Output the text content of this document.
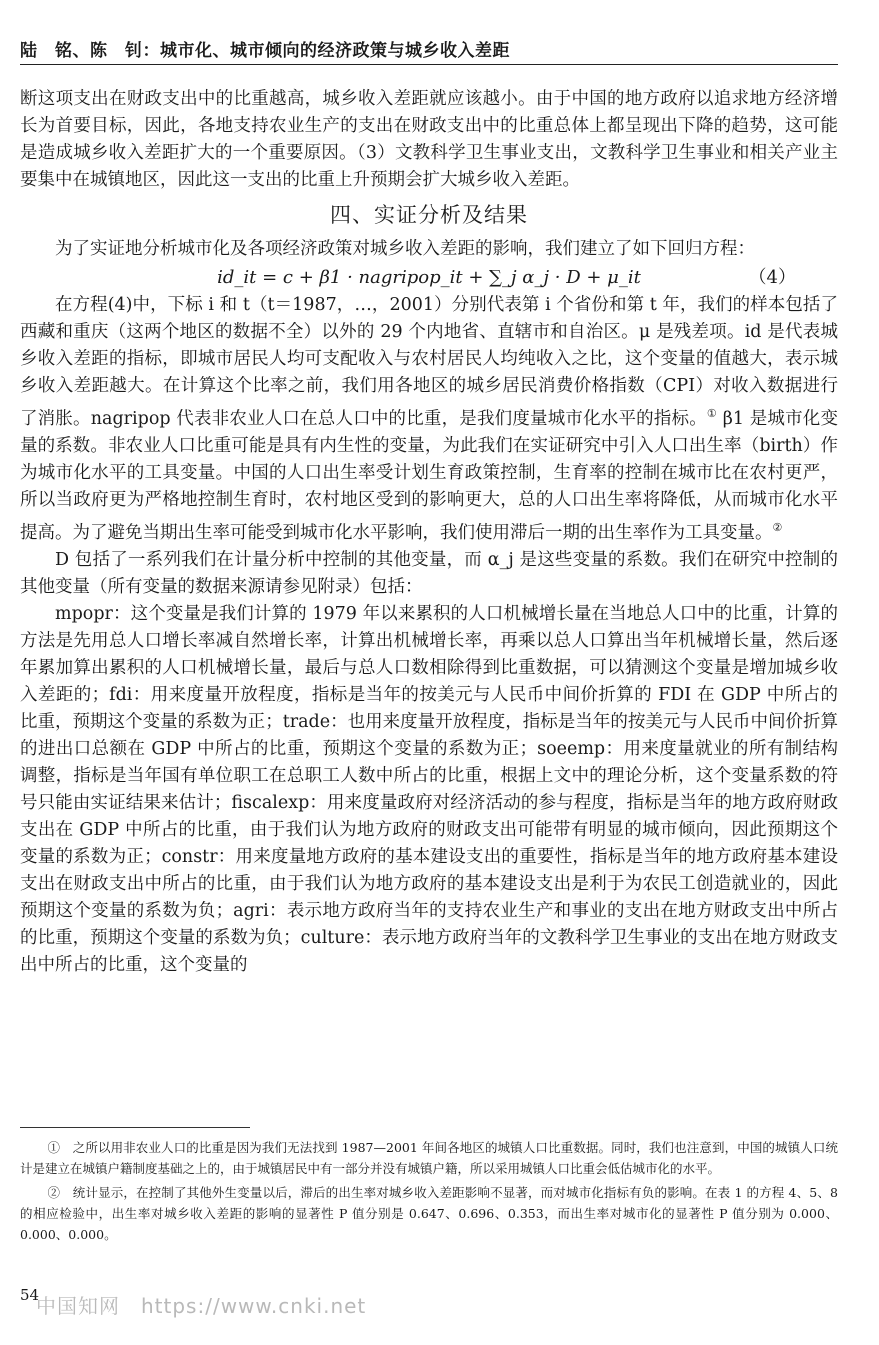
陆　铭、陈　钊：城市化、城市倾向的经济政策与城乡收入差距

断这项支出在财政支出中的比重越高，城乡收入差距就应该越小。由于中国的地方政府以追求地方经济增长为首要目标，因此，各地支持农业生产的支出在财政支出中的比重总体上都呈现出下降的趋势，这可能是造成城乡收入差距扩大的一个重要原因。（3）文教科学卫生事业支出，文教科学卫生事业和相关产业主要集中在城镇地区，因此这一支出的比重上升预期会扩大城乡收入差距。

四、实证分析及结果

为了实证地分析城市化及各项经济政策对城乡收入差距的影响，我们建立了如下回归方程：

id_it = c + β1 · nagripop_it + ∑_j α_j · D + μ_it	（4）

在方程(4)中，下标 i 和 t（t＝1987，…，2001）分别代表第 i 个省份和第 t 年，我们的样本包括了西藏和重庆（这两个地区的数据不全）以外的 29 个内地省、直辖市和自治区。μ 是残差项。id 是代表城乡收入差距的指标，即城市居民人均可支配收入与农村居民人均纯收入之比，这个变量的值越大，表示城乡收入差距越大。在计算这个比率之前，我们用各地区的城乡居民消费价格指数（CPI）对收入数据进行了消胀。nagripop 代表非农业人口在总人口中的比重，是我们度量城市化水平的指标。① β1 是城市化变量的系数。非农业人口比重可能是具有内生性的变量，为此我们在实证研究中引入人口出生率（birth）作为城市化水平的工具变量。中国的人口出生率受计划生育政策控制，生育率的控制在城市比在农村更严，所以当政府更为严格地控制生育时，农村地区受到的影响更大，总的人口出生率将降低，从而城市化水平提高。为了避免当期出生率可能受到城市化水平影响，我们使用滞后一期的出生率作为工具变量。②

D 包括了一系列我们在计量分析中控制的其他变量，而 α_j 是这些变量的系数。我们在研究中控制的其他变量（所有变量的数据来源请参见附录）包括：

mpopr：这个变量是我们计算的 1979 年以来累积的人口机械增长量在当地总人口中的比重，计算的方法是先用总人口增长率减自然增长率，计算出机械增长率，再乘以总人口算出当年机械增长量，然后逐年累加算出累积的人口机械增长量，最后与总人口数相除得到比重数据，可以猜测这个变量是增加城乡收入差距的；fdi：用来度量开放程度，指标是当年的按美元与人民币中间价折算的 FDI 在 GDP 中所占的比重，预期这个变量的系数为正；trade：也用来度量开放程度，指标是当年的按美元与人民币中间价折算的进出口总额在 GDP 中所占的比重，预期这个变量的系数为正；soeemp：用来度量就业的所有制结构调整，指标是当年国有单位职工在总职工人数中所占的比重，根据上文中的理论分析，这个变量系数的符号只能由实证结果来估计；fiscalexp：用来度量政府对经济活动的参与程度，指标是当年的地方政府财政支出在 GDP 中所占的比重，由于我们认为地方政府的财政支出可能带有明显的城市倾向，因此预期这个变量的系数为正；constr：用来度量地方政府的基本建设支出的重要性，指标是当年的地方政府基本建设支出在财政支出中所占的比重，由于我们认为地方政府的基本建设支出是利于为农民工创造就业的，因此预期这个变量的系数为负；agri：表示地方政府当年的支持农业生产和事业的支出在地方财政支出中所占的比重，预期这个变量的系数为负；culture：表示地方政府当年的文教科学卫生事业的支出在地方财政支出中所占的比重，这个变量的

①　之所以用非农业人口的比重是因为我们无法找到 1987—2001 年间各地区的城镇人口比重数据。同时，我们也注意到，中国的城镇人口统计是建立在城镇户籍制度基础之上的，由于城镇居民中有一部分并没有城镇户籍，所以采用城镇人口比重会低估城市化的水平。

②　统计显示，在控制了其他外生变量以后，滞后的出生率对城乡收入差距影响不显著，而对城市化指标有负的影响。在表 1 的方程 4、5、8 的相应检验中，出生率对城乡收入差距的影响的显著性 P 值分别是 0.647、0.696、0.353，而出生率对城市化的显著性 P 值分别为 0.000、0.000、0.000。

54
中国知网　https://www.cnki.net
